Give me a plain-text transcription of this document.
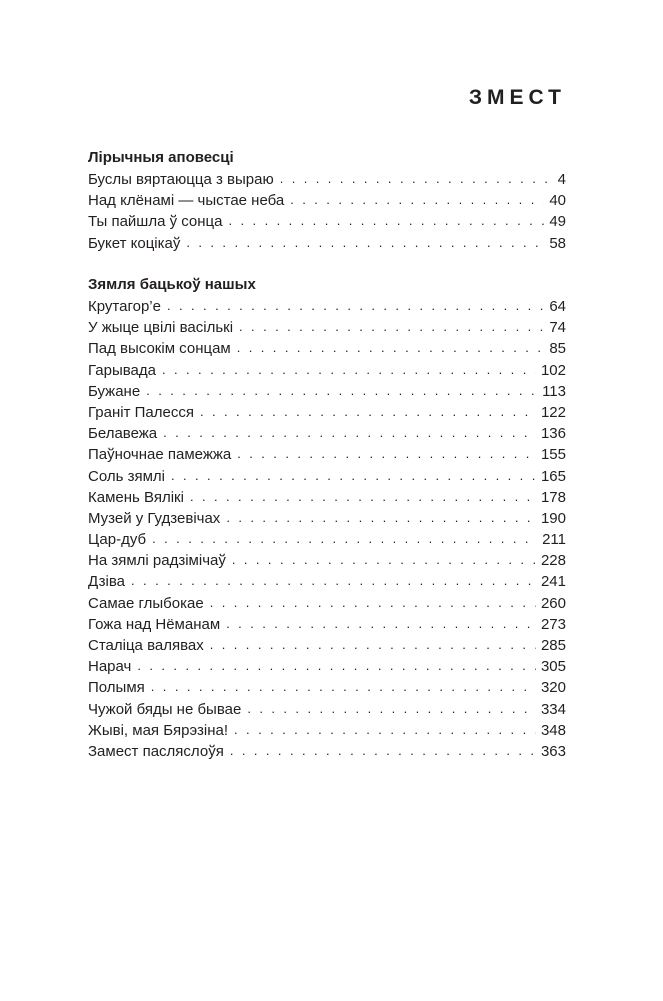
ЗМЕСТ
Лірычныя аповесці
Буслы вяртаюцца з выраю . . .	4
Над клёнамі — чыстае неба . . .	40
Ты пайшла ў сонца . . .	49
Букет коцікаў . . .	58
Зямля бацькоў нашых
Крутагор’е . . .	64
У жыце цвілі васількі . . .	74
Пад высокім сонцам . . .	85
Гарывада . . .	102
Бужане . . .	113
Граніт Палесся . . .	122
Белавежа . . .	136
Паўночнае памежжа . . .	155
Соль зямлі . . .	165
Камень Вялікі . . .	178
Музей у Гудзевічах . . .	190
Цар-дуб . . .	211
На зямлі радзімічаў . . .	228
Дзіва . . .	241
Самае глыбокае . . .	260
Гожа над Нёманам . . .	273
Сталіца валявах . . .	285
Нарач . . .	305
Полымя . . .	320
Чужой бяды не бывае . . .	334
Жыві, мая Бярэзіна! . . .	348
Замест пасляслоўя . . .	363
